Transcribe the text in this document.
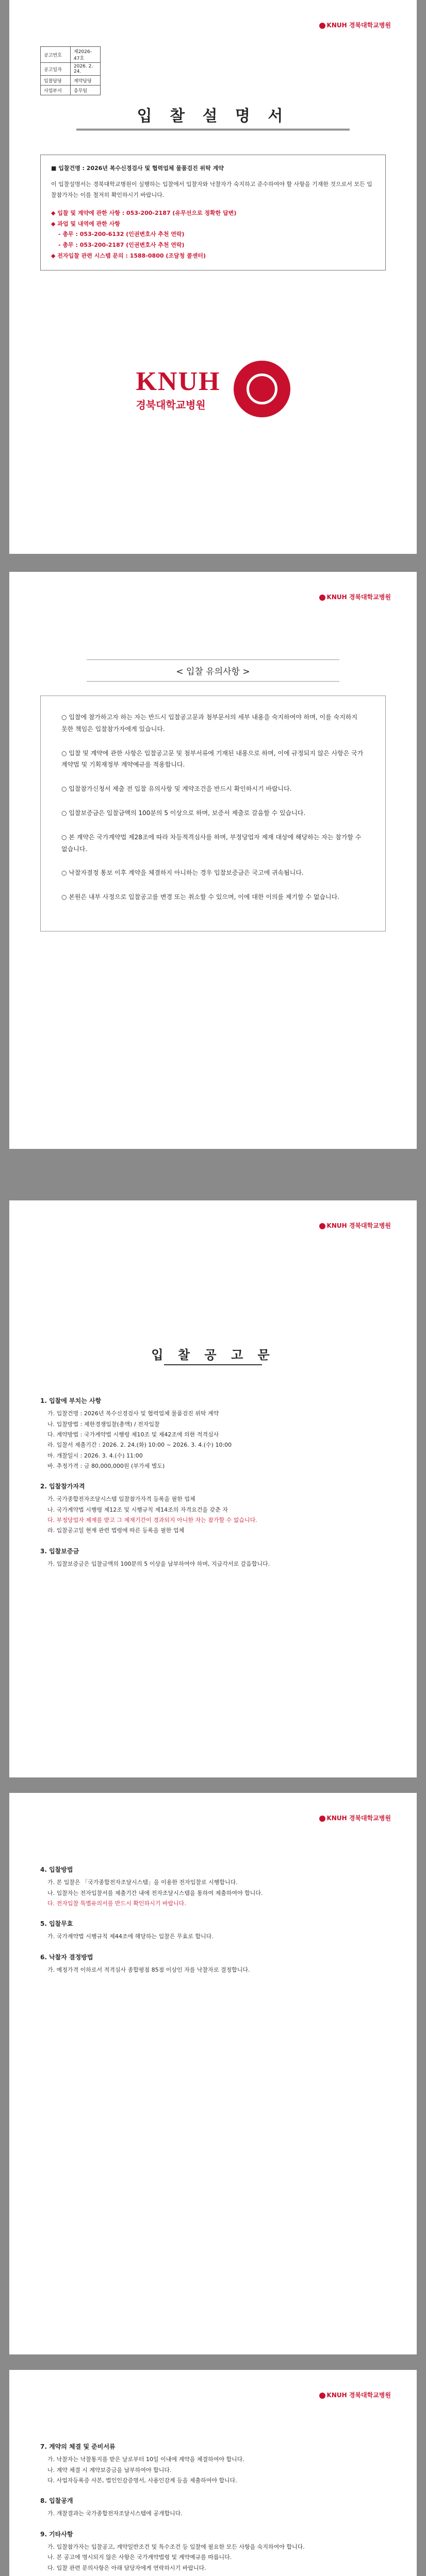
KNUH 경북대학교병원
공고번호	제2026-47호
공고일자	2026. 2. 24.
입찰담당	계약담당
사업부서	총무팀
입 찰 설 명 서
■ 입찰건명 : 2026년 복수신경검사 및 협력업체 물품검진 위탁 계약
이 입찰설명서는 경북대학교병원이 실행하는 입찰에서 입찰자와 낙찰자가 숙지하고 준수하여야 할 사항을 기재한 것으로서 모든 입찰참가자는 이를 철저히 확인하시기 바랍니다.
◆ 입찰 및 계약에 관한 사항 : 053-200-2187 (유무선으로 정확한 답변)
◆ 과업 및 내역에 관한 사항
- 총무 : 053-200-6132 (인권변호사 추천 연락)
- 총무 : 053-200-2187 (인권변호사 추천 연락)
◆ 전자입찰 관련 시스템 문의 : 1588-0800 (조달청 콜센터)
KNUH
경북대학교병원

KNUH 경북대학교병원
< 입찰 유의사항 >

○ 입찰에 참가하고자 하는 자는 반드시 입찰공고문과 첨부문서의 세부 내용을 숙지하여야 하며, 이를 숙지하지 못한 책임은 입찰참가자에게 있습니다.

○ 입찰 및 계약에 관한 사항은 입찰공고문 및 첨부서류에 기재된 내용으로 하며, 이에 규정되지 않은 사항은 국가계약법 및 기획재정부 계약예규를 적용합니다.

○ 입찰참가신청서 제출 전 입찰 유의사항 및 계약조건을 반드시 확인하시기 바랍니다.

○ 입찰보증금은 입찰금액의 100분의 5 이상으로 하며, 보증서 제출로 갈음할 수 있습니다.

○ 본 계약은 국가계약법 제28조에 따라 차등적격심사를 하며, 부정당업자 제재 대상에 해당하는 자는 참가할 수 없습니다.

○ 낙찰자결정 통보 이후 계약을 체결하지 아니하는 경우 입찰보증금은 국고에 귀속됩니다.

○ 본원은 내부 사정으로 입찰공고를 변경 또는 취소할 수 있으며, 이에 대한 이의를 제기할 수 없습니다.

KNUH 경북대학교병원
입 찰 공 고 문
1. 입찰에 부치는 사항

가. 입찰건명 : 2026년 복수신경검사 및 협력업체 물품검진 위탁 계약

나. 입찰방법 : 제한경쟁입찰(총액) / 전자입찰

다. 계약방법 : 국가계약법 시행령 제10조 및 제42조에 의한 적격심사

라. 입찰서 제출기간 : 2026. 2. 24.(화) 10:00 ~ 2026. 3. 4.(수) 10:00

마. 개찰일시 : 2026. 3. 4.(수) 11:00

바. 추정가격 : 금 80,000,000원 (부가세 별도)

2. 입찰참가자격

가. 국가종합전자조달시스템 입찰참가자격 등록을 필한 업체

나. 국가계약법 시행령 제12조 및 시행규칙 제14조의 자격요건을 갖춘 자

다. 부정당업자 제재를 받고 그 제재기간이 경과되지 아니한 자는 참가할 수 없습니다.

라. 입찰공고일 현재 관련 법령에 따른 등록을 필한 업체

3. 입찰보증금

가. 입찰보증금은 입찰금액의 100분의 5 이상을 납부하여야 하며, 지급각서로 갈음합니다.

KNUH 경북대학교병원
4. 입찰방법

가. 본 입찰은 「국가종합전자조달시스템」을 이용한 전자입찰로 시행합니다.

나. 입찰자는 전자입찰서를 제출기간 내에 전자조달시스템을 통하여 제출하여야 합니다.

다. 전자입찰 특별유의서를 반드시 확인하시기 바랍니다.

5. 입찰무효

가. 국가계약법 시행규칙 제44조에 해당하는 입찰은 무효로 합니다.

6. 낙찰자 결정방법

가. 예정가격 이하로서 적격심사 종합평점 85점 이상인 자를 낙찰자로 결정합니다.

KNUH 경북대학교병원
7. 계약의 체결 및 준비서류

가. 낙찰자는 낙찰통지를 받은 날로부터 10일 이내에 계약을 체결하여야 합니다.

나. 계약 체결 시 계약보증금을 납부하여야 합니다.

다. 사업자등록증 사본, 법인인감증명서, 사용인감계 등을 제출하여야 합니다.

8. 입찰공개

가. 개찰결과는 국가종합전자조달시스템에 공개합니다.

9. 기타사항

가. 입찰참가자는 입찰공고, 계약일반조건 및 특수조건 등 입찰에 필요한 모든 사항을 숙지하여야 합니다.

나. 본 공고에 명시되지 않은 사항은 국가계약법령 및 계약예규를 따릅니다.

다. 입찰 관련 문의사항은 아래 담당자에게 연락하시기 바랍니다.
